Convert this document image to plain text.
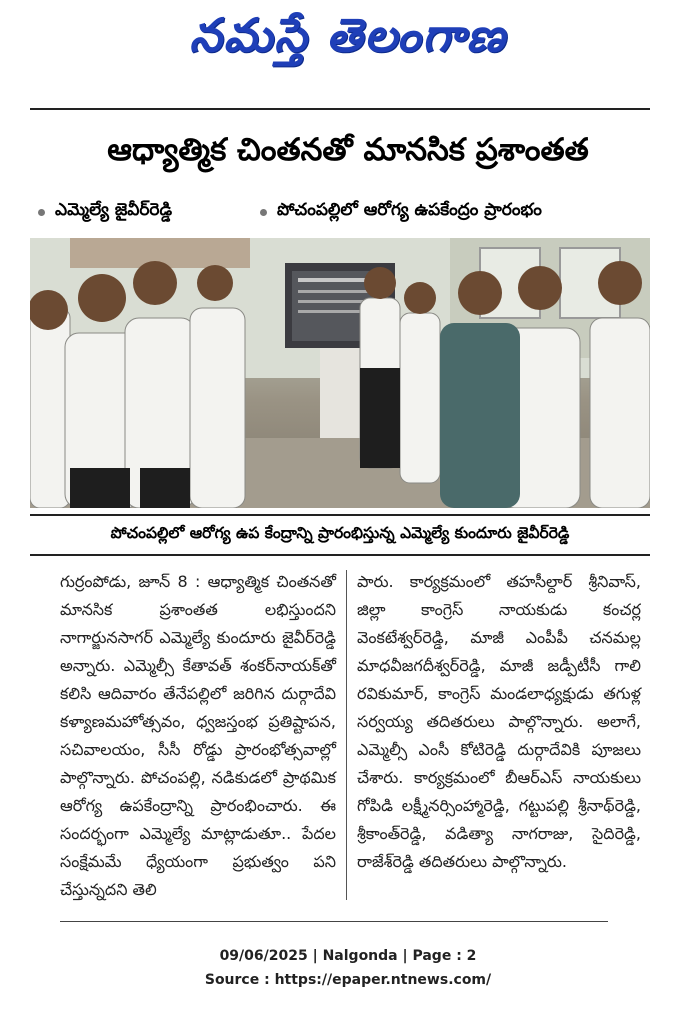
నమస్తే తెలంగాణ
ఆధ్యాత్మిక చింతనతో మానసిక ప్రశాంతత
ఎమ్మెల్యే జైవీర్‌రెడ్డి	పోచంపల్లిలో ఆరోగ్య ఉపకేంద్రం ప్రారంభం
పోచంపల్లిలో ఆరోగ్య ఉప కేంద్రాన్ని ప్రారంభిస్తున్న ఎమ్మెల్యే కుందూరు జైవీర్‌రెడ్డి
గుర్రంపోడు, జూన్ 8 : ఆధ్యాత్మిక చింతనతో మానసిక ప్రశాంతత లభిస్తుందని నాగార్జునసాగర్ ఎమ్మెల్యే కుందూరు జైవీర్‌రెడ్డి అన్నారు. ఎమ్మెల్సీ కేతావత్ శంకర్‌నాయక్‌తో కలిసి ఆదివారం తేనేపల్లిలో జరిగిన దుర్గాదేవి కళ్యాణమహోత్సవం, ధ్వజస్తంభ ప్రతిష్టాపన, సచివాలయం, సీసీ రోడ్డు ప్రారంభోత్సవాల్లో పాల్గొన్నారు. పోచంపల్లి, నడికుడలో ప్రాథమిక ఆరోగ్య ఉపకేంద్రాన్ని ప్రారంభించారు. ఈ సందర్భంగా ఎమ్మెల్యే మాట్లాడుతూ.. పేదల సంక్షేమమే ధ్యేయంగా ప్రభుత్వం పని చేస్తున్నదని తెలి
పారు. కార్యక్రమంలో తహసీల్దార్ శ్రీనివాస్, జిల్లా కాంగ్రెస్ నాయకుడు కంచర్ల వెంకటేశ్వర్‌రెడ్డి, మాజీ ఎంపీపీ చనమల్ల మాధవీజగదీశ్వర్‌రెడ్డి, మాజీ జడ్పీటీసీ గాలి రవికుమార్, కాంగ్రెస్ మండలాధ్యక్షుడు తగుళ్ల సర్వయ్య తదితరులు పాల్గొన్నారు. అలాగే, ఎమ్మెల్సీ ఎంసీ కోటిరెడ్డి దుర్గాదేవికి పూజలు చేశారు. కార్యక్రమంలో బీఆర్‌ఎస్ నాయకులు గోపిడి లక్ష్మీనర్సింహ్మారెడ్డి, గట్టుపల్లి శ్రీనాథ్‌రెడ్డి, శ్రీకాంత్‌రెడ్డి, వడిత్యా నాగరాజు, సైదిరెడ్డి, రాజేశ్‌రెడ్డి తదితరులు పాల్గొన్నారు.
09/06/2025 | Nalgonda | Page : 2
Source : https://epaper.ntnews.com/
